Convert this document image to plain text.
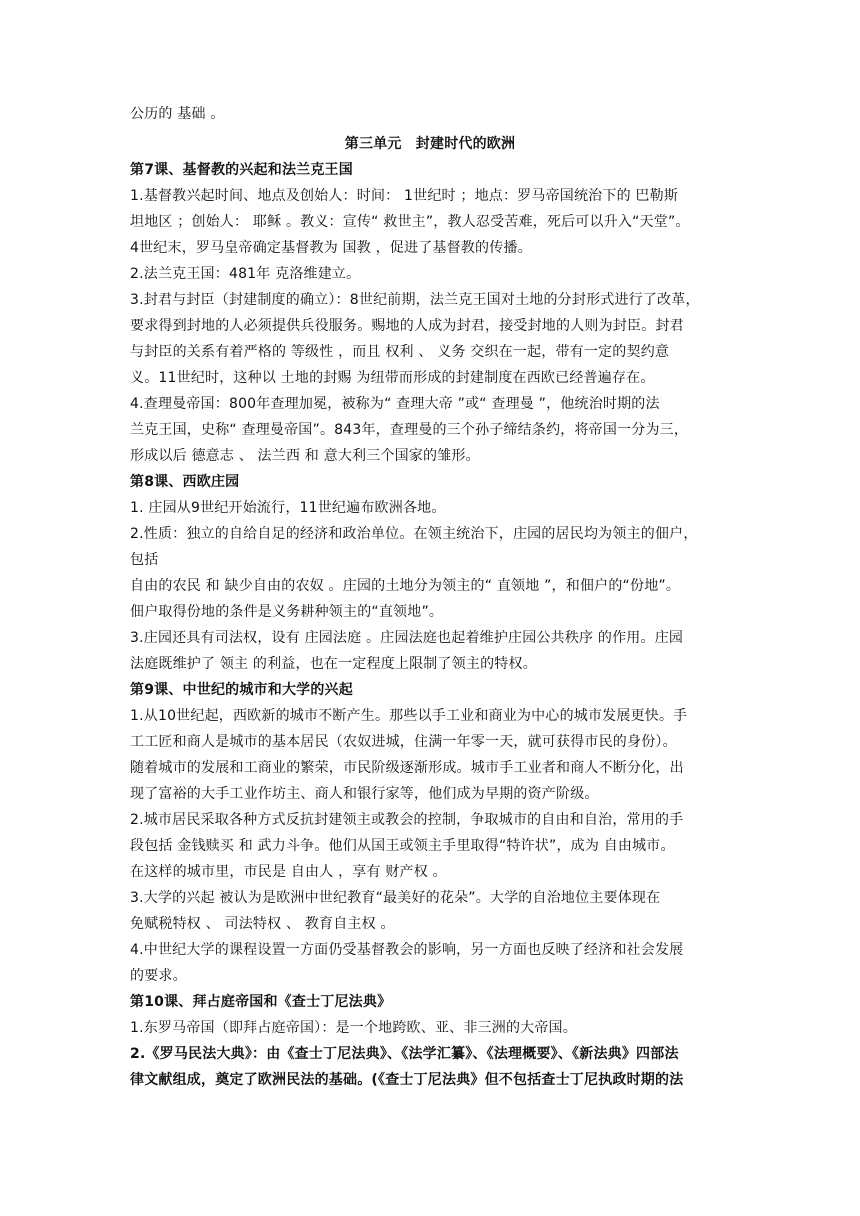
公历的 基础 。
第三单元　封建时代的欧洲
第7课、基督教的兴起和法兰克王国
1.基督教兴起时间、地点及创始人：时间： 1世纪时 ；地点：罗马帝国统治下的 巴勒斯
坦地区 ；创始人： 耶稣 。教义：宣传“ 救世主”，教人忍受苦难，死后可以升入“天堂”。
4世纪末，罗马皇帝确定基督教为 国教 ，促进了基督教的传播。
2.法兰克王国：481年 克洛维建立。
3.封君与封臣（封建制度的确立）：8世纪前期，法兰克王国对土地的分封形式进行了改革，
要求得到封地的人必须提供兵役服务。赐地的人成为封君，接受封地的人则为封臣。封君
与封臣的关系有着严格的 等级性 ，而且 权利 、 义务 交织在一起，带有一定的契约意
义。11世纪时，这种以 土地的封赐 为纽带而形成的封建制度在西欧已经普遍存在。
4.查理曼帝国：800年查理加冕，被称为“ 查理大帝 ”或“ 查理曼 ”，他统治时期的法
兰克王国，史称“ 查理曼帝国”。843年，查理曼的三个孙子缔结条约，将帝国一分为三，
形成以后 德意志 、 法兰西 和 意大利三个国家的雏形。
第8课、西欧庄园
1. 庄园从9世纪开始流行，11世纪遍布欧洲各地。
2.性质：独立的自给自足的经济和政治单位。在领主统治下，庄园的居民均为领主的佃户，
包括
自由的农民 和 缺少自由的农奴 。庄园的土地分为领主的“ 直领地 ”，和佃户的“份地”。
佃户取得份地的条件是义务耕种领主的“直领地”。
3.庄园还具有司法权，设有 庄园法庭 。庄园法庭也起着维护庄园公共秩序 的作用。庄园
法庭既维护了 领主 的利益，也在一定程度上限制了领主的特权。
第9课、中世纪的城市和大学的兴起
1.从10世纪起，西欧新的城市不断产生。那些以手工业和商业为中心的城市发展更快。手
工工匠和商人是城市的基本居民（农奴进城，住满一年零一天，就可获得市民的身份）。
随着城市的发展和工商业的繁荣，市民阶级逐渐形成。城市手工业者和商人不断分化，出
现了富裕的大手工业作坊主、商人和银行家等，他们成为早期的资产阶级。
2.城市居民采取各种方式反抗封建领主或教会的控制，争取城市的自由和自治，常用的手
段包括 金钱赎买 和 武力斗争。他们从国王或领主手里取得“特许状”，成为 自由城市。
在这样的城市里，市民是 自由人 ，享有 财产权 。
3.大学的兴起 被认为是欧洲中世纪教育“最美好的花朵”。大学的自治地位主要体现在
免赋税特权 、 司法特权 、 教育自主权 。
4.中世纪大学的课程设置一方面仍受基督教会的影响，另一方面也反映了经济和社会发展
的要求。
第10课、拜占庭帝国和《查士丁尼法典》
1.东罗马帝国（即拜占庭帝国）：是一个地跨欧、亚、非三洲的大帝国。
2.《罗马民法大典》：由《查士丁尼法典》、《法学汇纂》、《法理概要》、《新法典》四部法
律文献组成，奠定了欧洲民法的基础。(《查士丁尼法典》但不包括查士丁尼执政时期的法
